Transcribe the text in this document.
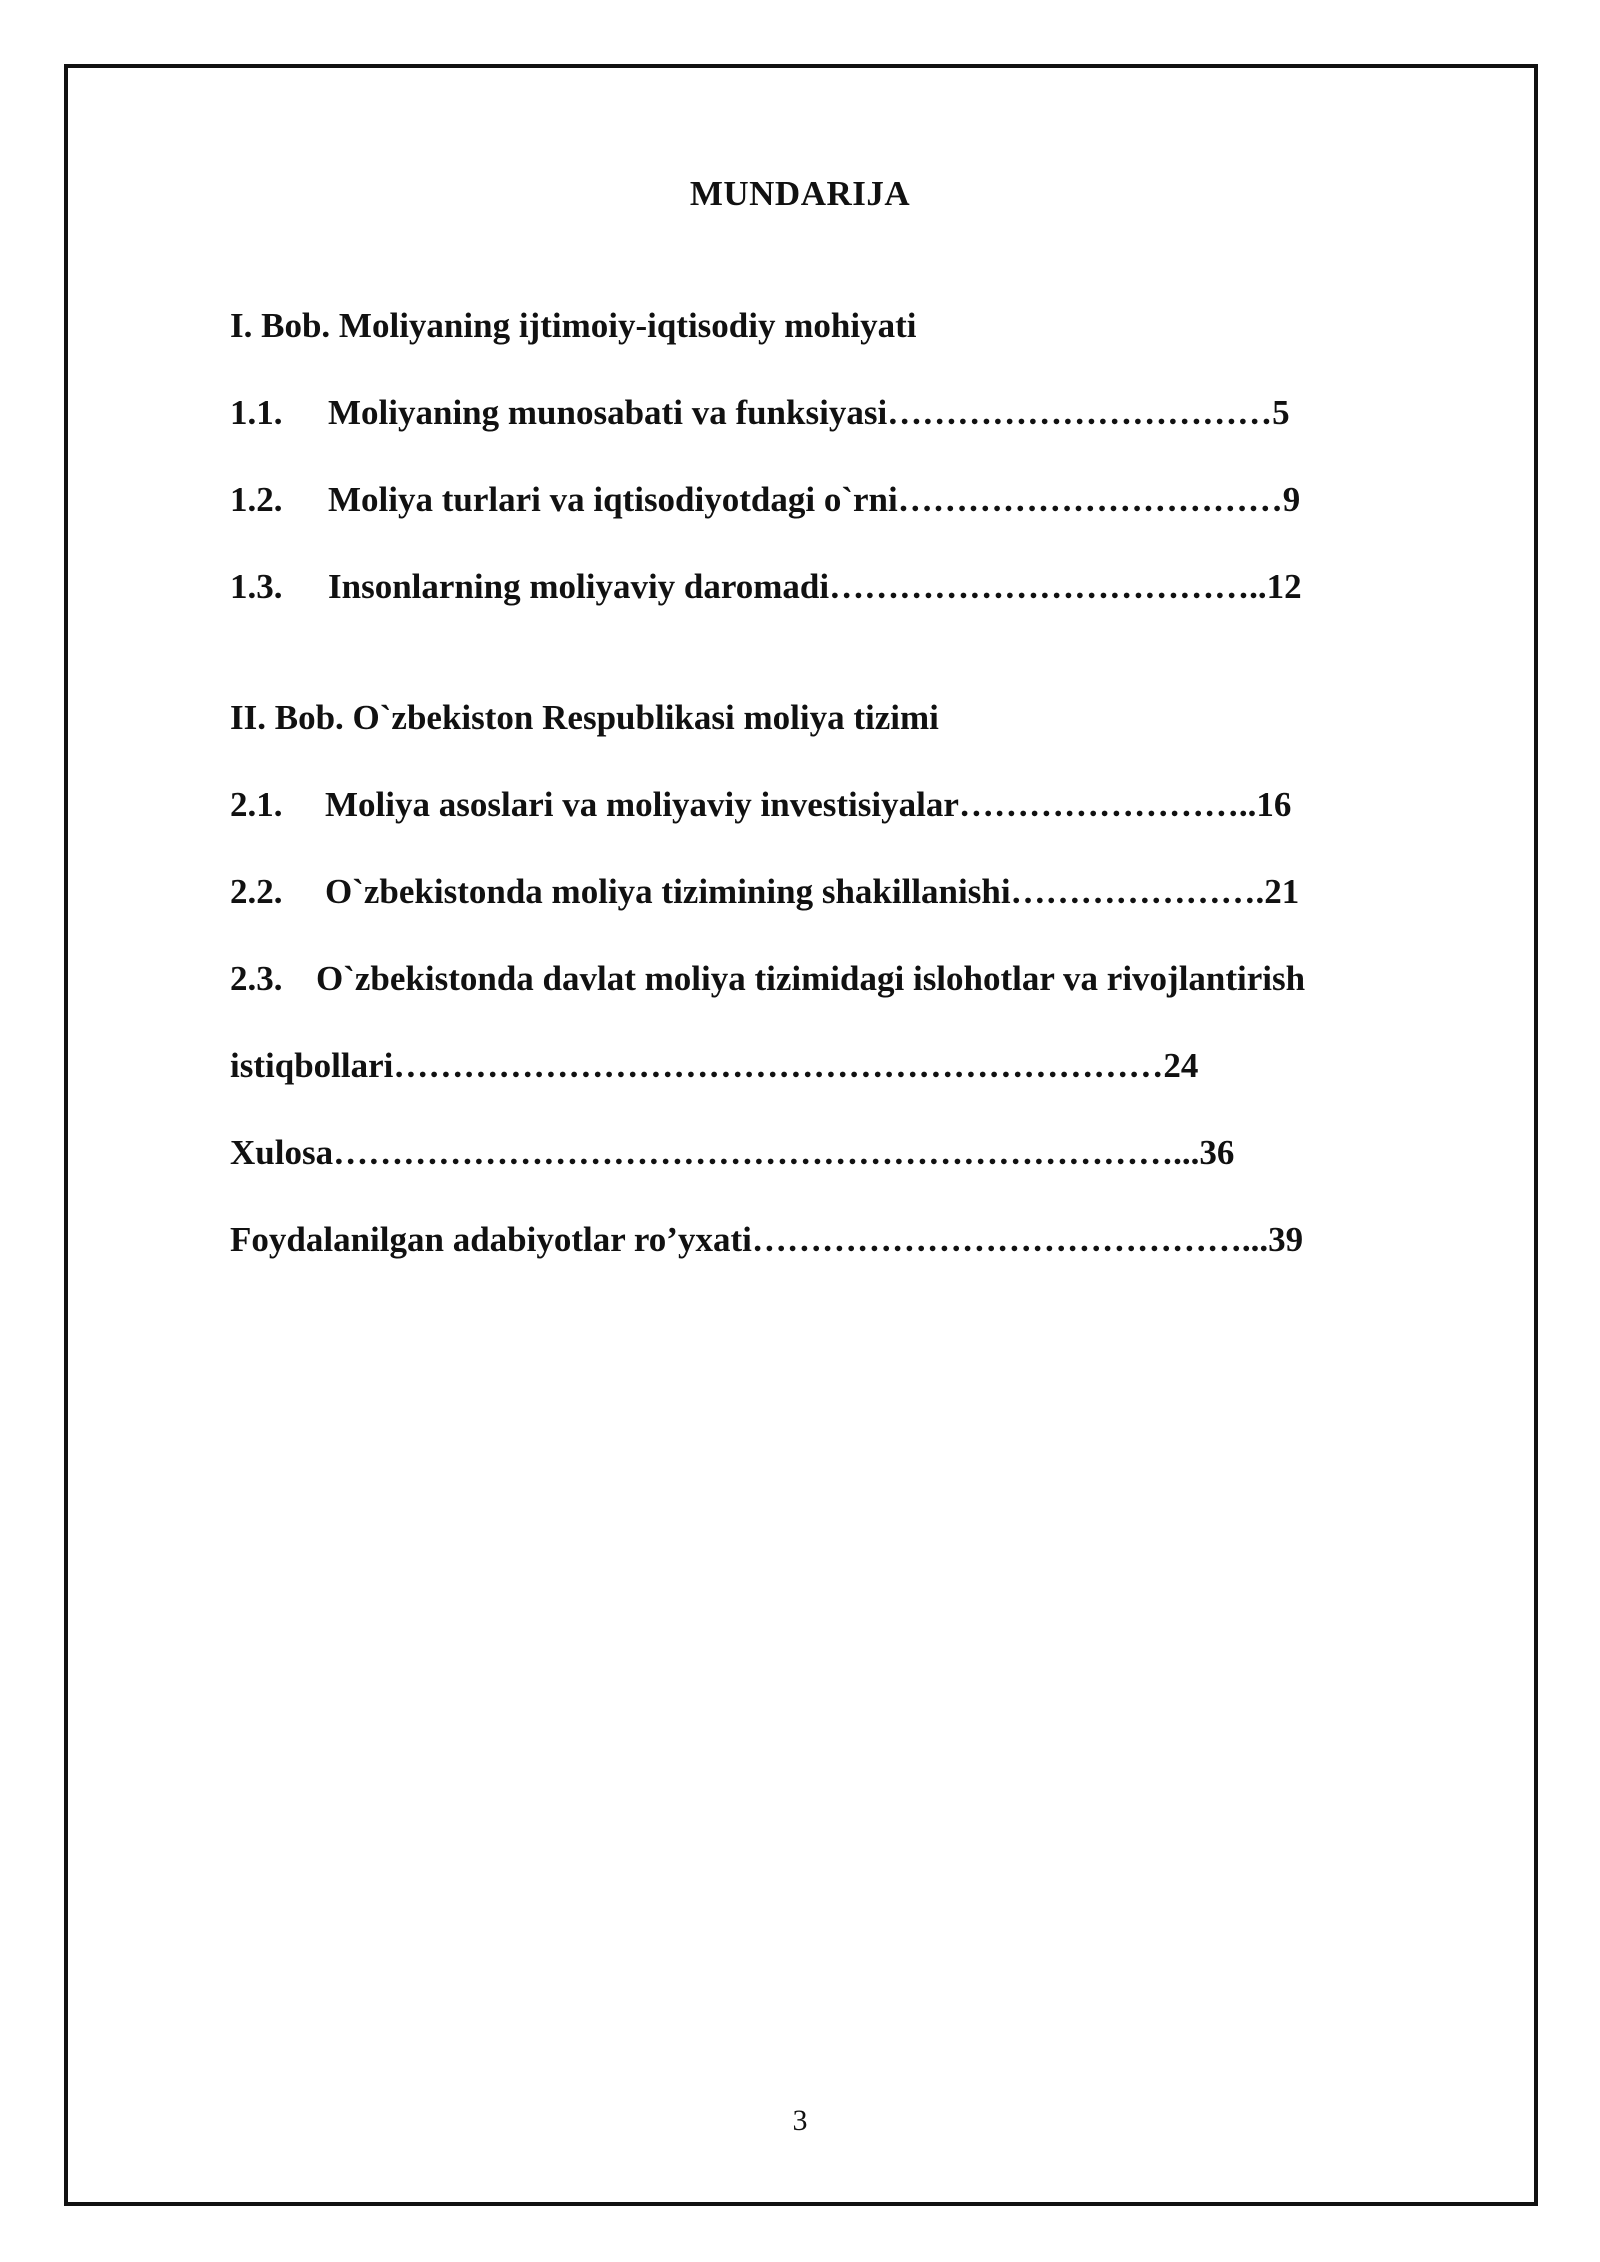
MUNDARIJA
I. Bob. Moliyaning ijtimoiy-iqtisodiy mohiyati
1.1. Moliyaning munosabati va funksiyasi……………………………5
1.2. Moliya turlari va iqtisodiyotdagi o`rni……………………………9
1.3. Insonlarning moliyaviy daromadi………………………………..12
II. Bob. O`zbekiston Respublikasi moliya tizimi
2.1. Moliya asoslari va moliyaviy investisiyalar……………………..16
2.2. O`zbekistonda moliya tizimining shakillanishi………………….21
2.3. O`zbekistonda davlat moliya tizimidagi islohotlar va rivojlantirish
istiqbollari…………………………………………………………24
Xulosa………………………………………………………………...36
Foydalanilgan adabiyotlar ro’yxati……………………………………...39
3
